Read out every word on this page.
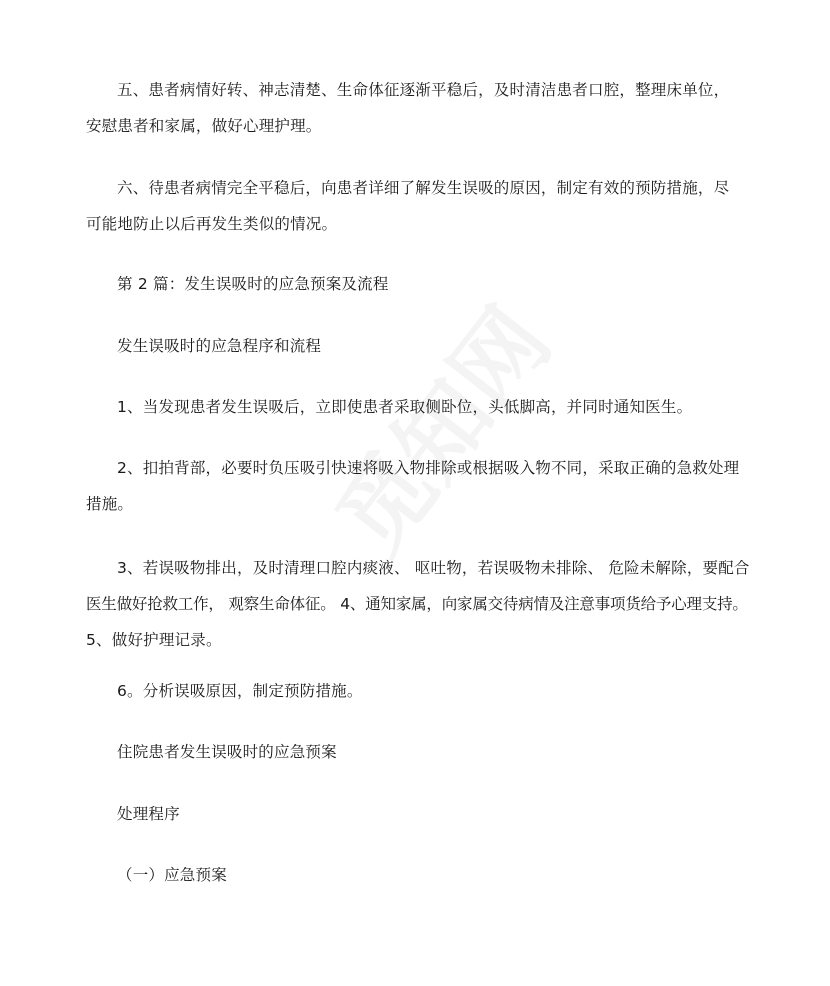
五、患者病情好转、神志清楚、生命体征逐渐平稳后，及时清洁患者口腔，整理床单位，
安慰患者和家属，做好心理护理。

六、待患者病情完全平稳后，向患者详细了解发生误吸的原因，制定有效的预防措施，尽
可能地防止以后再发生类似的情况。

第 2 篇：发生误吸时的应急预案及流程

发生误吸时的应急程序和流程

1、当发现患者发生误吸后，立即使患者采取侧卧位，头低脚高，并同时通知医生。

2、扣拍背部，必要时负压吸引快速将吸入物排除或根据吸入物不同，采取正确的急救处理
措施。

3、若误吸物排出，及时清理口腔内痰液、 呕吐物，若误吸物未排除、 危险未解除，要配合
医生做好抢救工作， 观察生命体征。 4、通知家属，向家属交待病情及注意事项货给予心理支持。
5、做好护理记录。

6。分析误吸原因，制定预防措施。

住院患者发生误吸时的应急预案

处理程序

（一）应急预案
